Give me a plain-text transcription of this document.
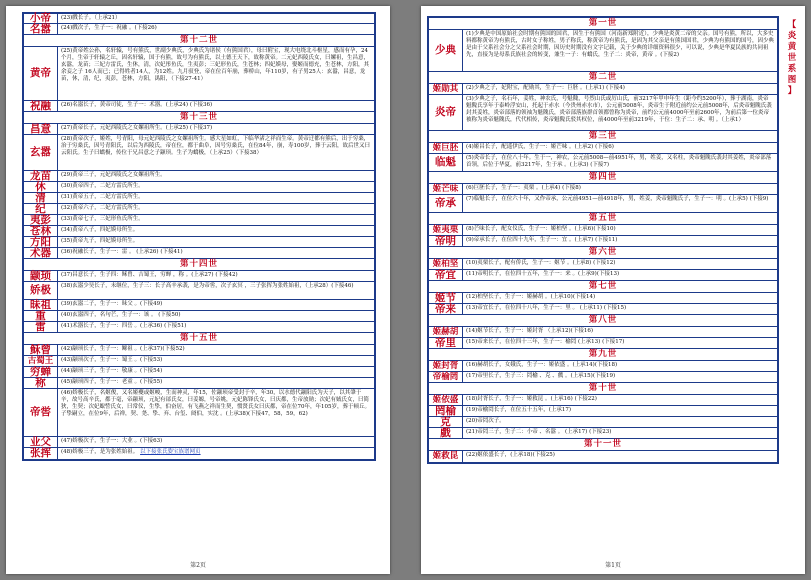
小帝	(23)戲长子。（上承21）
名嚣	(24)戲次子，生子一：祝融 。(下接26)
第十二世
黄帝
(25)黄帝姓公孙，名轩辕，号有熊氏，世副少典氏，少典氏为诸侯（有熊国君），母曰附宝，现大电绕北斗枢星，感而有孕，24个月，生帝于轩辕之丘，因名轩辕，国于有熊，故号为有熊氏，以土德王天下，故称黄帝。二元妃西陵氏女，曰嫘祖，生昌意，玄嚣，龙苗；三妃方雷氏，生休，清，次妃彤鱼氏，生夷彭；三妃形鱼氏，生苍林；四妃嫫母，娶姬而德充，生苍林，方阳，其余妾之子 16人而已；已得姓者14人，为12姓。九月驭登，帝在位百年崩，葬桥山，年110岁，有子男25人：玄嚣，昌意，龙苗，休，清，纪，夷彭，苍林，方阳，禺阳，（下接27-41）
祝融	(26)名嚣长子，黄帝司徒，生子一：术器。(上承24) (下接36)
第十三世
昌意	(27)黄帝长子，元妃西陵氏之女嫘祖所生。(上承25) (下接37)
玄嚣
(28)黄帝次子，姬姓，号青阳，母元妃西陵氏之女嫘祖所生。感大星如虹，下临华渚之祥而生帝。黄帝迁都有熊后，出于穷桑，治于穷桑氏，因号青阳氏，以后为西陵氏，帝在位，都于曲阜，因号穷桑氏，在位84年，崩，寿100岁，葬于云阳，故后世又曰云阳氏。生子曰蟜极，传位于兄昌意之子颛顼。生子为蟜极，（上承25）（下接38）
龙苗	(29)黄帝三子，元妃西陵氏之女嫘祖所生。
休	(30)黄帝四子，二妃方雷氏所生。
清	(31)黄帝五子，二妃方雷氏所生。
纪	(32)黄帝六子，二妃方雷氏所生。
夷彭	(33)黄帝七子，三妃形鱼氏所生。
苍林	(34)黄帝八子，四妃嫫母所生。
方阳	(35)黄帝九子，四妃嫫母所生。
术器	(36)祝融长子，生子一：雷 。 (上承26) (下接41)
第十四世
颛顼	(37)昌意长子，生子四：稣曾、吉蜀王，穷蝉 ，称 。(上承27) (下接42)
娇极	(38)玄嚣少昊长子，未继位，生子三：长子高辛承袭，是为帝喾，次子玄冥 ，三子张挥为张姓始祖，（上承28）(下接46)
昧祖	(39)玄嚣二子，生子一：昧父 。(下接49)
重	(40)玄嚣四子，名句芒，生子一：该 。 (下接50)
雷	(41)术器长子，生子一：四岳 。(上承36) (下接51)
第十五世
稣曾	(42)颛顼长子，生子一：鲧祖 。(上承37)(下接52)
古蜀王	(43)颛顼次子，生子一：蜀王 。(下接53)
穷蝉	(44)颛顼三子，生子一：敬康 。(下接54)
称	(45)颛顼四子，生子一：老童 。(下接55)
帝喾
(46)娇极长子，名姬俊，又名姬夔或姬峻，生而神灵，年15，佐颛顼帝受封于辛，年30，以水德代颛阳氏为天子，以其肇于辛，故号高辛氏，都于毫，帝颛顼，元妃有邰氏女，曰姜嫄，号帝姚，元妃陈锋氏女，曰庆都，生帝放勋；次妃有娀氏女，曰简狄，生契；次妃娵訾氏女，曰常仪，生挚，伯奋居，有飞燕之祥而生契，惯贤氏女曰庆都，帝在位70年，年105岁，葬于顿丘。子挚嗣立，在位9年，后禅，契、尧、挚、弃、台玺、阏伯，实沈 。(上承38)(下接47，58，59，62)
业父	(47)娇极次子，生子一：大业 。(下接63)
张挥	(48)娇极三子，是为张姓始祖。 以下接张氏姿宝族谱网页
第2页
第一世
少典
(1)少典是中国原始社会时期有熊国的国君，因生于有熊国（河南新郑附近），少典是炎黄二帝的父亲。国号有熊，所以，大多史料都称黄帝为有熊氏，古时女子称姓，男子称氏，称黄帝为有熊氏，是因为其父亲是有熊国国君，少典为有熊国的国号，因少典是由于父系社会分之父系社会时期，因历史时期没有文字记载，关于少典的详细资料很少，可以说，少典是华夏民族的共同祖先，直接为是母系氏族社会的转变，兼生一子：有蟜氏，生子二：炎帝，黄帝 。(下接2)
第二世
姬勋其	(2)少典之子，妃附宝，配勋其，生子一：巨胚 。(上承1) (下接4)
炎帝
(3)少典之子，名石年，姜姓，神农氏，号魁隗，号烈山氏或厉山氏，前3217年甲申年生（距今约5200年），葬于湖南，炎帝魁隗氏享年于泰岭浮安山，托起于赤水（今贵州赤水市），公元前5008年，炎帝生于附近前约公元前5008年，后炎帝魁隗氏袭封其姜姓，炎帝部落的领袖为魁隗氏，炎帝部落族群首领都曾称为炎帝，前约公元前4000年至前2600年，为前后第一位炎帝被称为炎帝魁隗氏，代代相传，炎帝魁隗氏驳其权位，前4000年至前3219年，于位：生子二：承、明 。（上承1）
第三世
姬巨胚	(4)姬昌长子，配遥伊氏，生子一：姬芒味 。(上承2) (下接6)
临魁	(5)炎帝长子，在位八十年。生于一，神农，公元前5008—前4951年，男，姓姜，又名柱，炎帝魁隗氏袭封其姜姓，炎帝部落首领，后位于华夏，前3217年，生于承 。(上承3) (下接7)
第四世
姬芒味	(6)巨胚长子，生子一：夷栗 。(上承4) (下接8)
帝承	(7)临魁长子，在位六十年，又作帝承，公元前4951—前4918年，男，姓姜，炎帝魁隗氏子，生子一：明 。(上承5) (下接9)
第五世
姬夷栗	(8)芒味长子，配女仪氏，生子一：姬柏坚 。(上承6)(下接10)
帝明	(9)帝承长子，在位四十九年，生子一：宜 。(上承7) (下接11)
第六世
姬柏坚	(10)夷栗长子，配有侨氏，生子一：姬节 。(上承8) (下接12)
帝宜	(11)帝明长子，在位四十五年，生子一：来 。(上承9)(下接13)
第七世
姬节	(12)柏坚长子，生子一：姬赫胡 。(上承10)(下接14)
帝来	(13)帝宜长子，在位四十八年，生子一：里 。 (上承11) (下接15)
第八世
姬赫胡	(14)姬节长子，生子一：姬封胥 （上承12)(下接16)
帝里	(15)帝来长子，在位四十三年，生子一：榆罔 (上承13) (下接17)
第九世
姬封胥	(16)赫胡长子，女娥氏，生子一：姬依盛 。(上承14)(下接18)
帝榆罔	(17)帝里长子，生子三：罔榆 、克 、戲 。(上承15)(下接19)
第十世
姬依盛	(18)封胥长子，生子一：姬救昆 。(上承16) (下接22)
罔榆	(19)帝榆罔长子，在位五十五年，(上承17)
克	(20)帝罔次子。
戲	(21)帝罔三子，生子二：小帝 、名嚣 。 (上承17) (下接23)
第十一世
姬救昆	(22)姬依盛长子，(上承18)(下接25)
第1页
【
炎
黄
世
系
图
】
